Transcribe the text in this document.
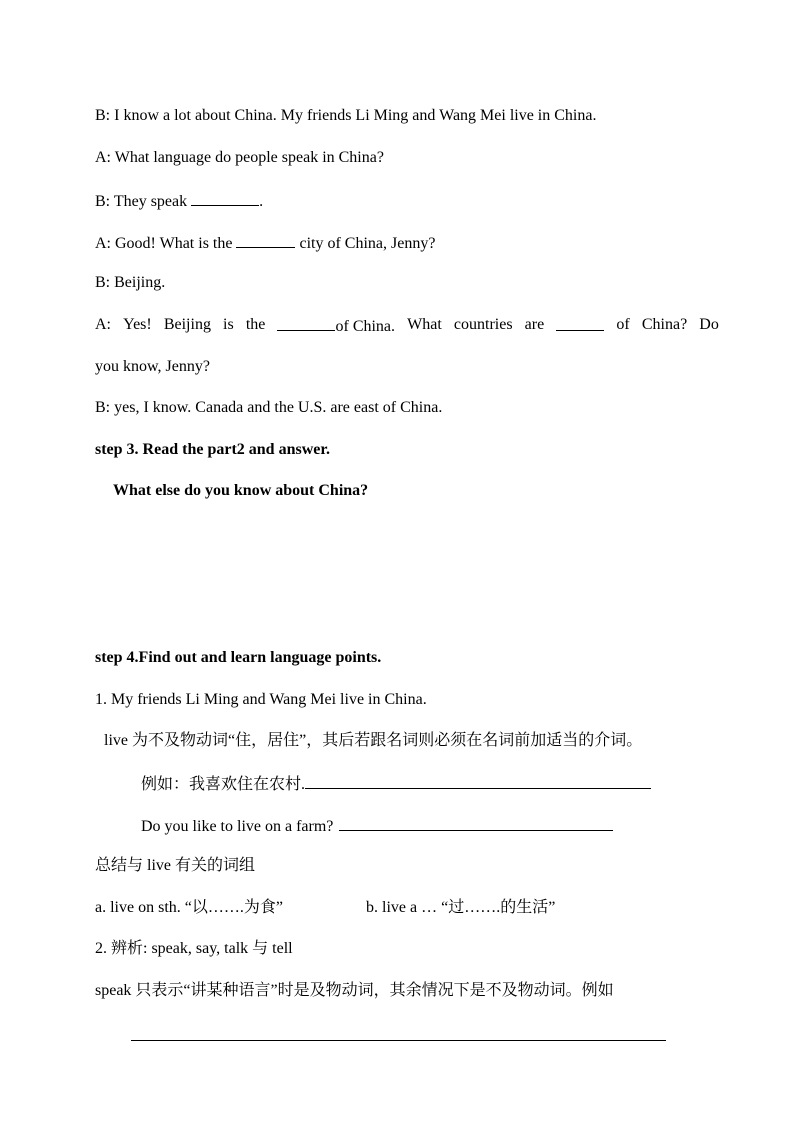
B: I know a lot about China. My friends Li Ming and Wang Mei live in China.
A: What language do people speak in China?
B: They speak	.
A: Good! What is the	city of China, Jenny?
B: Beijing.
A: Yes! Beijing is the	of China. What countries are	of China? Do
you know, Jenny?
B: yes, I know. Canada and the U.S. are east of China.
step 3. Read the part2 and answer.
What else do you know about China?
step 4.Find out and learn language points.
1. My friends Li Ming and Wang Mei live in China.
live 为不及物动词“住，居住”，其后若跟名词则必须在名词前加适当的介词。
例如：我喜欢住在农村.
Do you like to live on a farm?
总结与 live 有关的词组
a. live on sth. “以…….为食”	b. live a … “过…….的生活”
2. 辨析: speak, say, talk 与 tell
speak 只表示“讲某种语言”时是及物动词，其余情况下是不及物动词。例如
